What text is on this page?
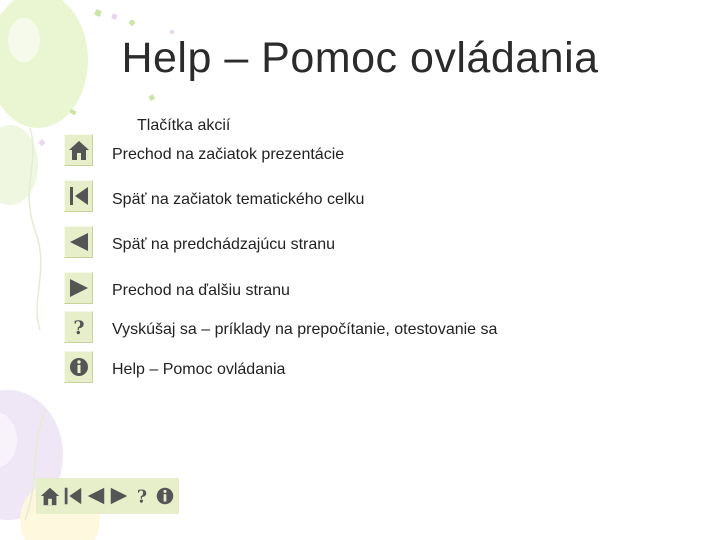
Help – Pomoc ovládania
Tlačítka akcií
Prechod na začiatok prezentácie
Späť na začiatok tematického celku
Späť na predchádzajúcu stranu
Prechod na ďalšiu stranu
? Vyskúšaj sa – príklady na prepočítanie, otestovanie sa
Help – Pomoc ovládania
?
